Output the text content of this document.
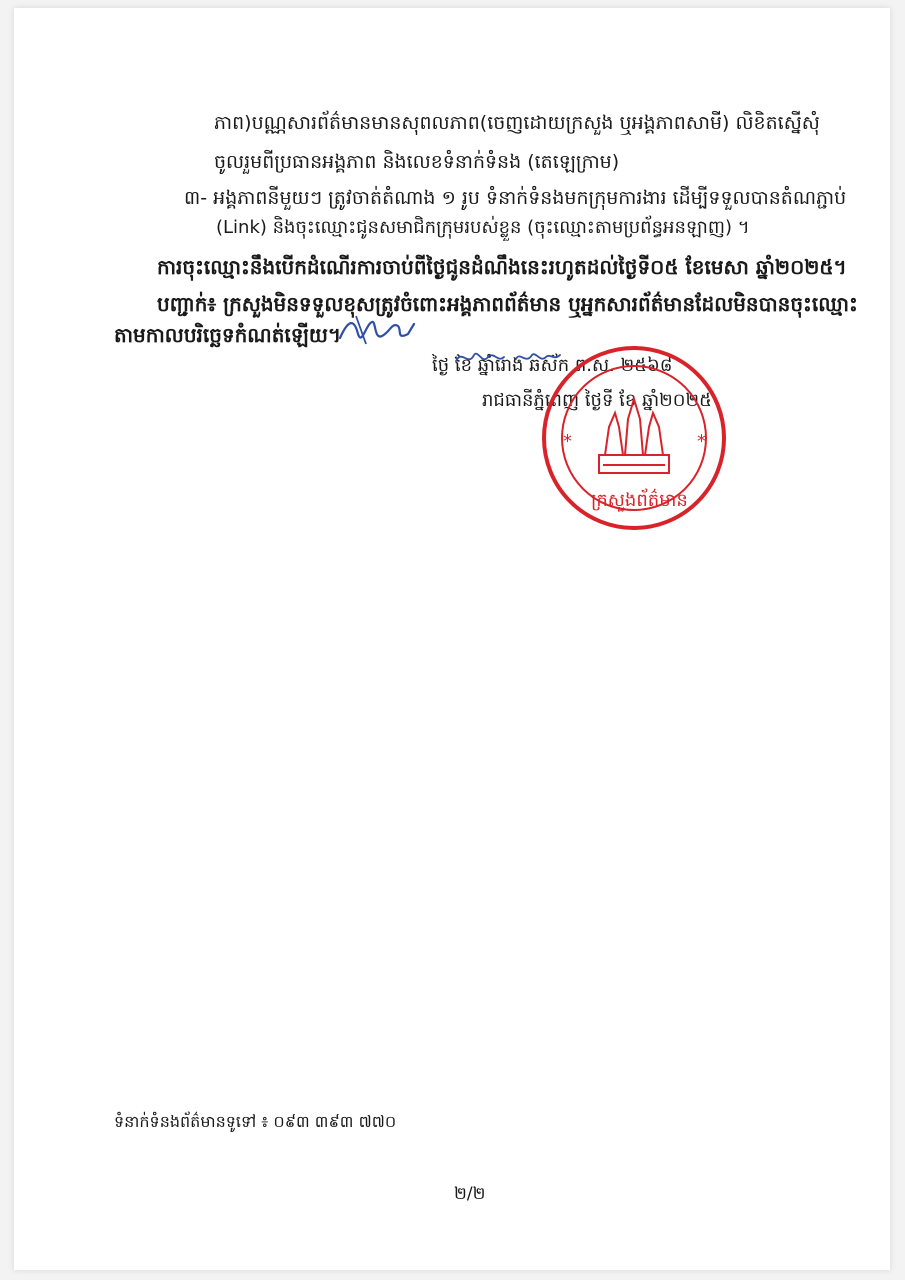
ភាព)បណ្ណសារព័ត៌មានមានសុពលភាព(ចេញដោយក្រសួង ឬអង្គភាពសាមី) លិខិតស្នើសុំ
ចូលរួមពីប្រធានអង្គភាព និងលេខទំនាក់ទំនង (តេឡេក្រាម)
៣- អង្គភាពនីមួយៗ ត្រូវចាត់តំណាង ១ រូប ទំនាក់ទំនងមកក្រុមការងារ ដើម្បីទទួលបានតំណភ្ជាប់
(Link) និងចុះឈ្មោះជូនសមាជិកក្រុមរបស់ខ្លួន (ចុះឈ្មោះតាមប្រព័ន្ធអនឡាញ) ។
ការចុះឈ្មោះនឹងបើកដំណើរការចាប់ពីថ្ងៃជូនដំណឹងនេះរហូតដល់ថ្ងៃទី០៥ ខែមេសា ឆ្នាំ២០២៥។
បញ្ជាក់៖ ក្រសួងមិនទទួលខុសត្រូវចំពោះអង្គភាពព័ត៌មាន ឬអ្នកសារព័ត៌មានដែលមិនបានចុះឈ្មោះ
តាមកាលបរិច្ឆេទកំណត់ឡើយ។
ថ្ងៃ ខែ ឆ្នាំរោង ឆស័ក ព.ស. ២៥៦៨
រាជធានីភ្នំពេញ ថ្ងៃទី ខែ ឆ្នាំ២០២៥
*	*
ក្រសួងព័ត៌មាន
ទំនាក់ទំនងព័ត៌មានទូទៅ ៖ ០៩៣ ៣៩៣ ៧៧០
២/២
